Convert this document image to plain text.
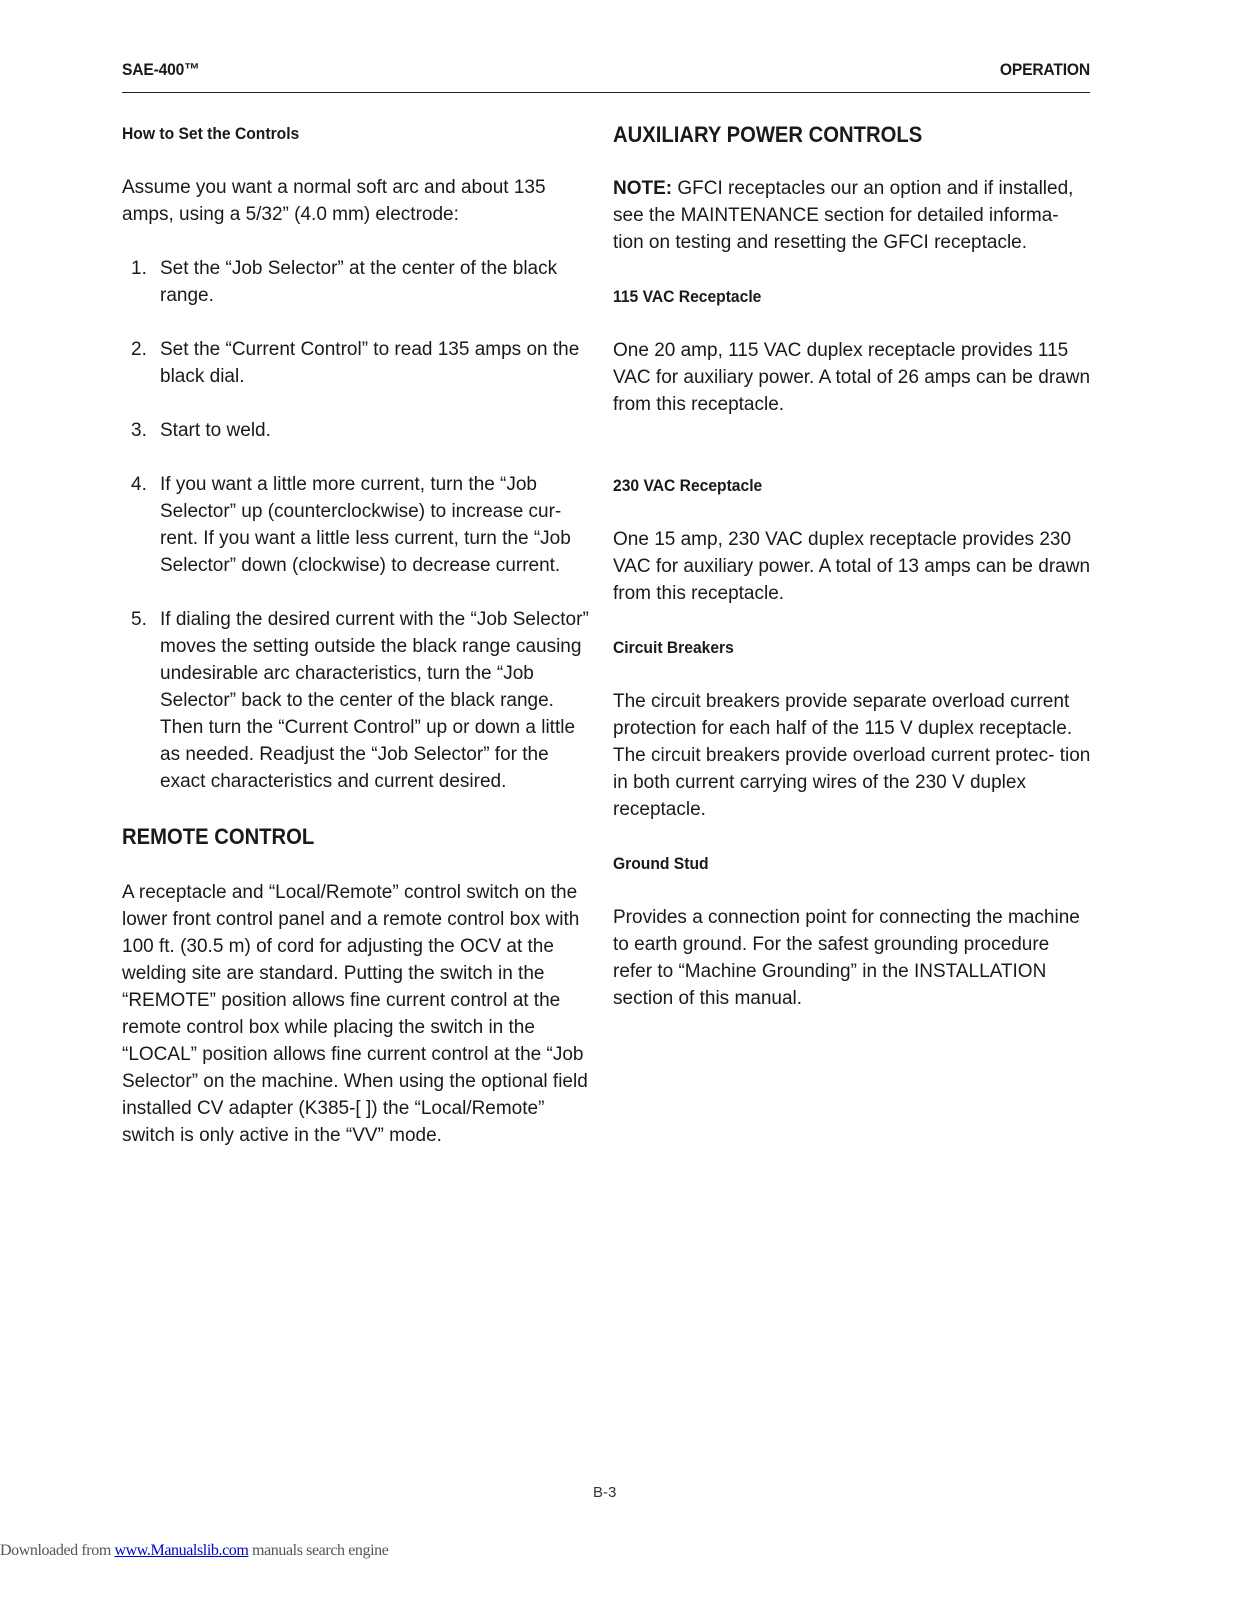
SAE-400™	OPERATION
How to Set the Controls

Assume you want a normal soft arc and about 135 amps, using a 5/32” (4.0 mm) electrode:

1. Set the “Job Selector” at the center of the black range.
2. Set the “Current Control” to read 135 amps on the black dial.
3. Start to weld.
4. If you want a little more current, turn the “Job Selector” up (counterclockwise) to increase cur- rent. If you want a little less current, turn the “Job Selector” down (clockwise) to decrease current.
5. If dialing the desired current with the “Job Selector” moves the setting outside the black range causing undesirable arc characteristics, turn the “Job Selector” back to the center of the black range. Then turn the “Current Control” up or down a little as needed. Readjust the “Job Selector” for the exact characteristics and current desired.
REMOTE CONTROL

A receptacle and “Local/Remote” control switch on the lower front control panel and a remote control box with 100 ft. (30.5 m) of cord for adjusting the OCV at the welding site are standard. Putting the switch in the “REMOTE” position allows fine current control at the remote control box while placing the switch in the “LOCAL” position allows fine current control at the “Job Selector” on the machine. When using the optional field installed CV adapter (K385-[ ]) the “Local/Remote” switch is only active in the “VV” mode.

AUXILIARY POWER CONTROLS

NOTE: GFCI receptacles our an option and if installed, see the MAINTENANCE section for detailed informa- tion on testing and resetting the GFCI receptacle.

115 VAC Receptacle

One 20 amp, 115 VAC duplex receptacle provides 115 VAC for auxiliary power. A total of 26 amps can be drawn from this receptacle.

230 VAC Receptacle

One 15 amp, 230 VAC duplex receptacle provides 230 VAC for auxiliary power. A total of 13 amps can be drawn from this receptacle.

Circuit Breakers

The circuit breakers provide separate overload current protection for each half of the 115 V duplex receptacle. The circuit breakers provide overload current protec- tion in both current carrying wires of the 230 V duplex receptacle.

Ground Stud

Provides a connection point for connecting the machine to earth ground. For the safest grounding procedure refer to “Machine Grounding” in the INSTALLATION section of this manual.

B-3
Downloaded from www.Manualslib.com manuals search engine
